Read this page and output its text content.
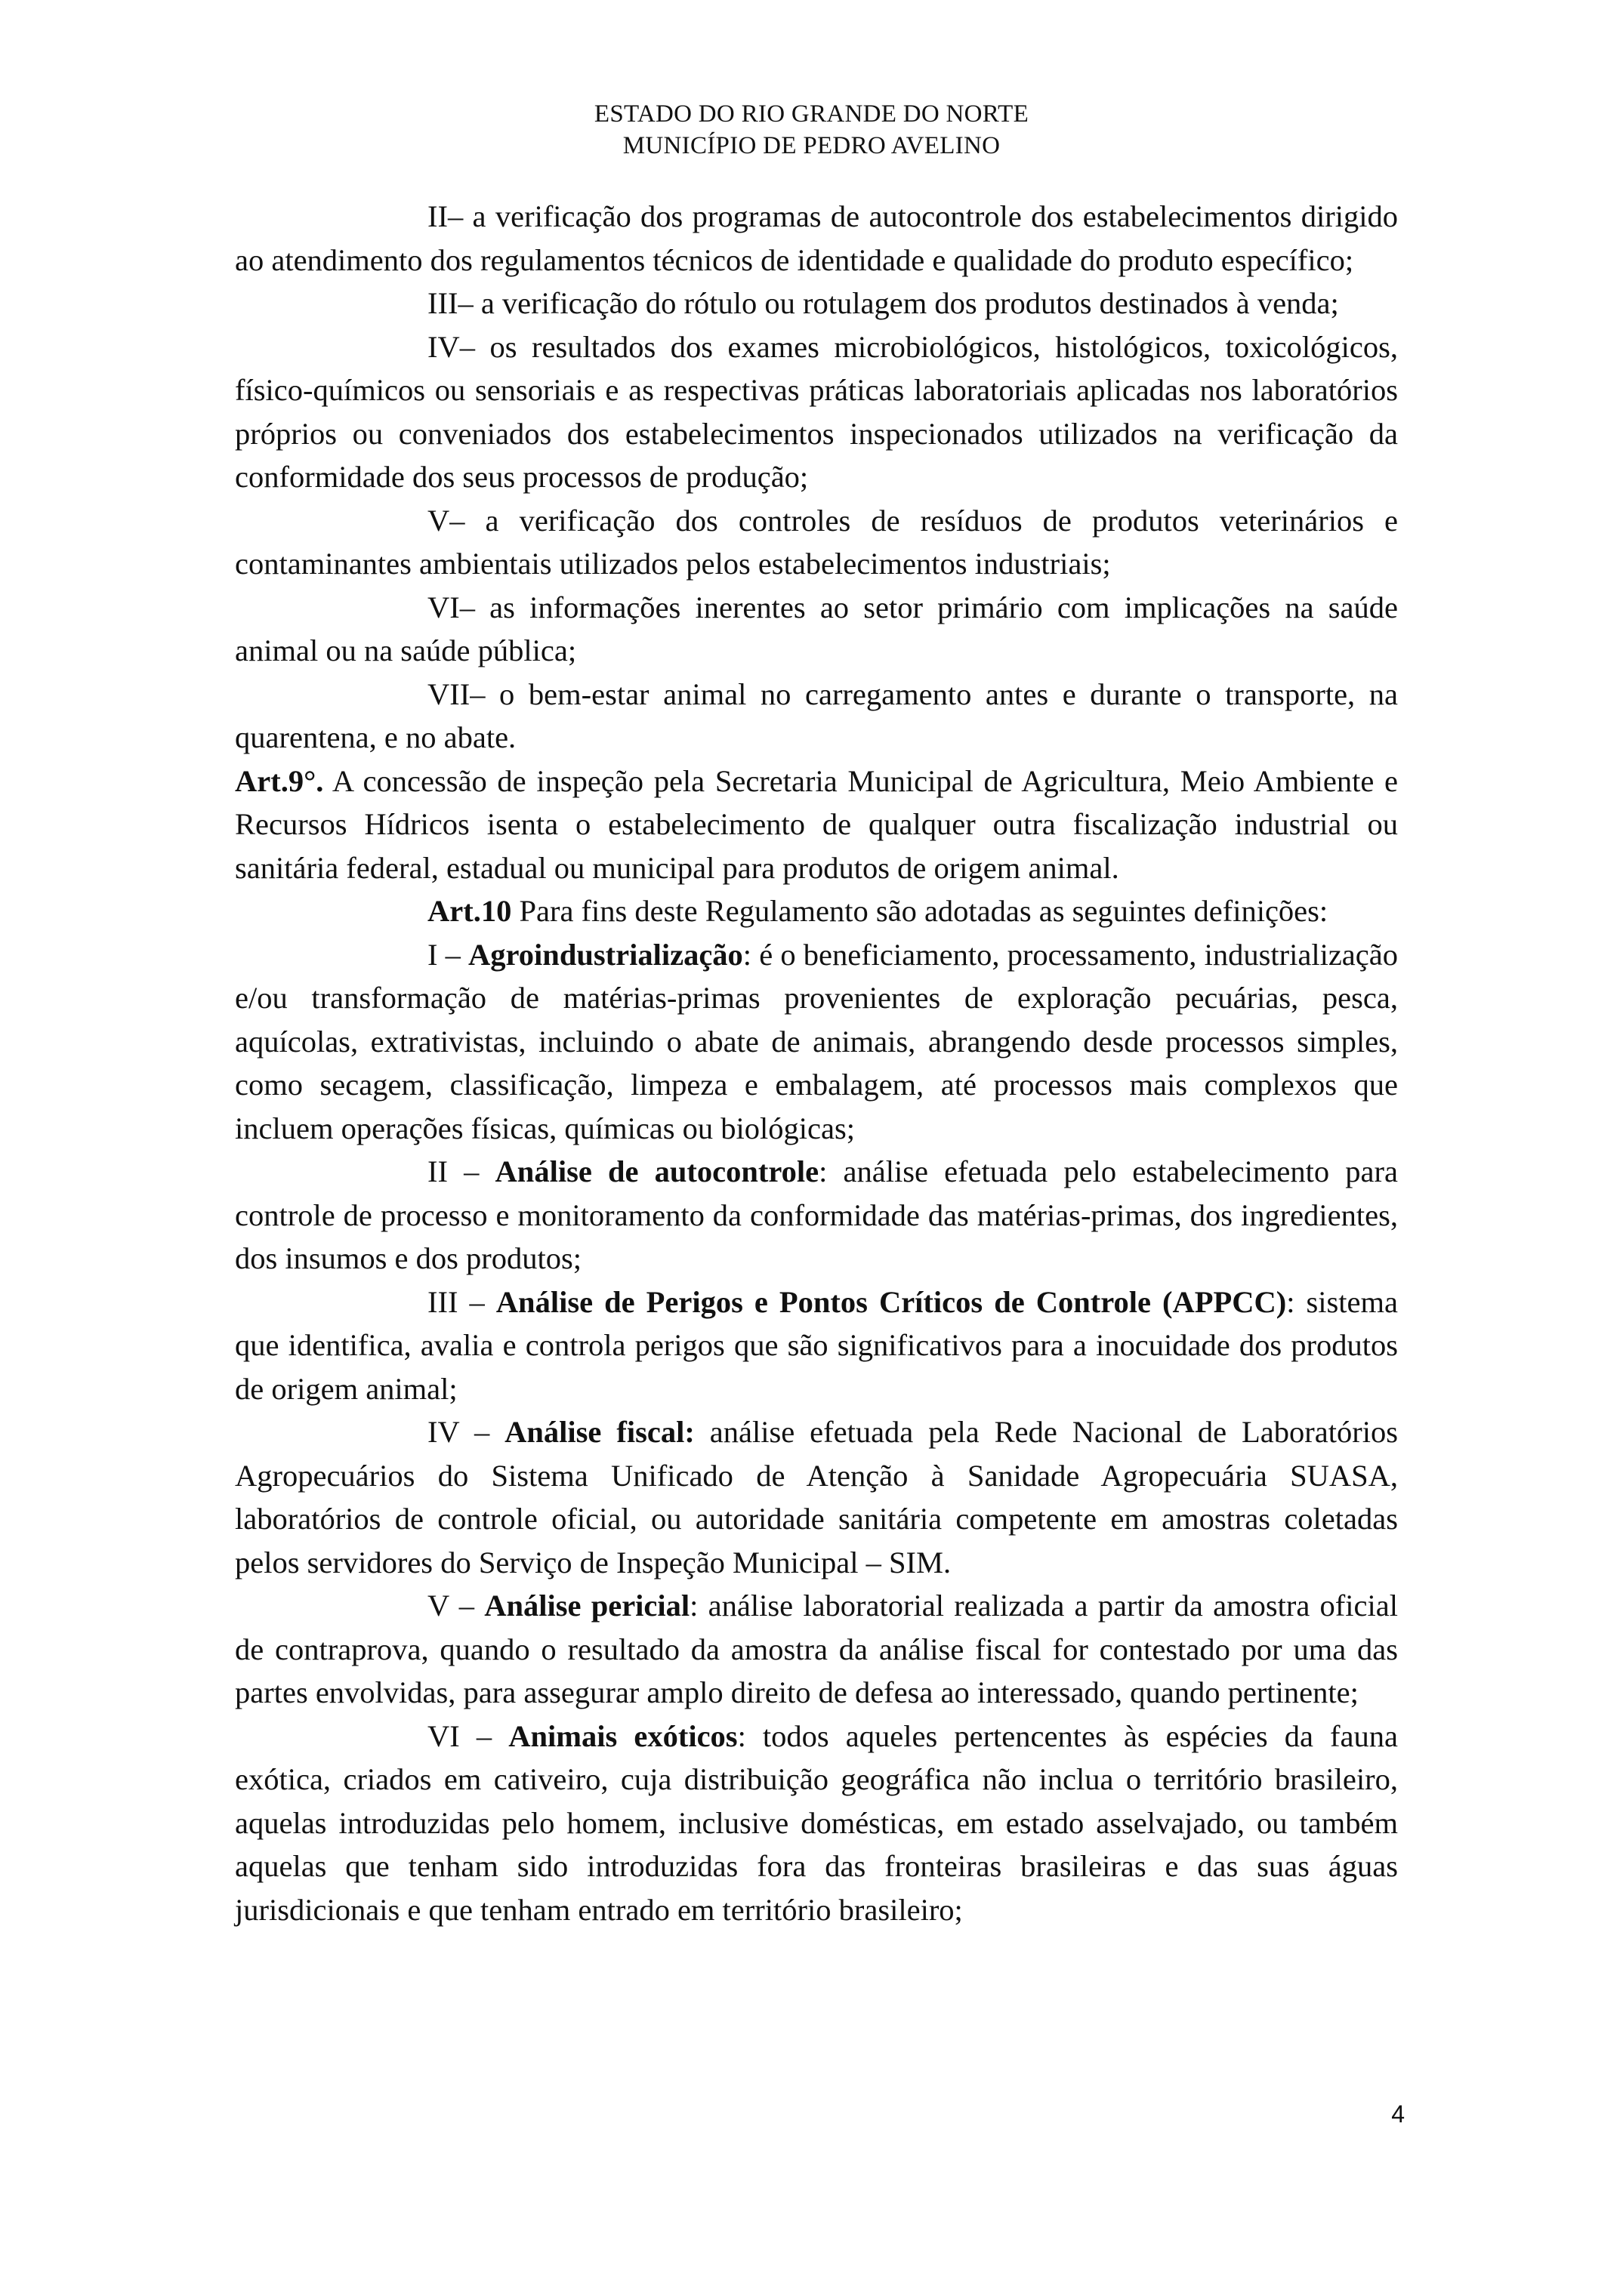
ESTADO DO RIO GRANDE DO NORTE
MUNICÍPIO DE PEDRO AVELINO

II– a verificação dos programas de autocontrole dos estabelecimentos dirigido ao atendimento dos regulamentos técnicos de identidade e qualidade do produto específico;

III– a verificação do rótulo ou rotulagem dos produtos destinados à venda;

IV– os resultados dos exames microbiológicos, histológicos, toxicológicos, físico-químicos ou sensoriais e as respectivas práticas laboratoriais aplicadas nos laboratórios próprios ou conveniados dos estabelecimentos inspecionados utilizados na verificação da conformidade dos seus processos de produção;

V– a verificação dos controles de resíduos de produtos veterinários e contaminantes ambientais utilizados pelos estabelecimentos industriais;

VI– as informações inerentes ao setor primário com implicações na saúde animal ou na saúde pública;

VII– o bem-estar animal no carregamento antes e durante o transporte, na quarentena, e no abate.

Art.9°. A concessão de inspeção pela Secretaria Municipal de Agricultura, Meio Ambiente e Recursos Hídricos isenta o estabelecimento de qualquer outra fiscalização industrial ou sanitária federal, estadual ou municipal para produtos de origem animal.

Art.10 Para fins deste Regulamento são adotadas as seguintes definições:

I – Agroindustrialização: é o beneficiamento, processamento, industrialização e/ou transformação de matérias-primas provenientes de exploração pecuárias, pesca, aquícolas, extrativistas, incluindo o abate de animais, abrangendo desde processos simples, como secagem, classificação, limpeza e embalagem, até processos mais complexos que incluem operações físicas, químicas ou biológicas;

II – Análise de autocontrole: análise efetuada pelo estabelecimento para controle de processo e monitoramento da conformidade das matérias-primas, dos ingredientes, dos insumos e dos produtos;

III – Análise de Perigos e Pontos Críticos de Controle (APPCC): sistema que identifica, avalia e controla perigos que são significativos para a inocuidade dos produtos de origem animal;

IV – Análise fiscal: análise efetuada pela Rede Nacional de Laboratórios Agropecuários do Sistema Unificado de Atenção à Sanidade Agropecuária SUASA, laboratórios de controle oficial, ou autoridade sanitária competente em amostras coletadas pelos servidores do Serviço de Inspeção Municipal – SIM.

V – Análise pericial: análise laboratorial realizada a partir da amostra oficial de contraprova, quando o resultado da amostra da análise fiscal for contestado por uma das partes envolvidas, para assegurar amplo direito de defesa ao interessado, quando pertinente;

VI – Animais exóticos: todos aqueles pertencentes às espécies da fauna exótica, criados em cativeiro, cuja distribuição geográfica não inclua o território brasileiro, aquelas introduzidas pelo homem, inclusive domésticas, em estado asselvajado, ou também aquelas que tenham sido introduzidas fora das fronteiras brasileiras e das suas águas jurisdicionais e que tenham entrado em território brasileiro;

4
